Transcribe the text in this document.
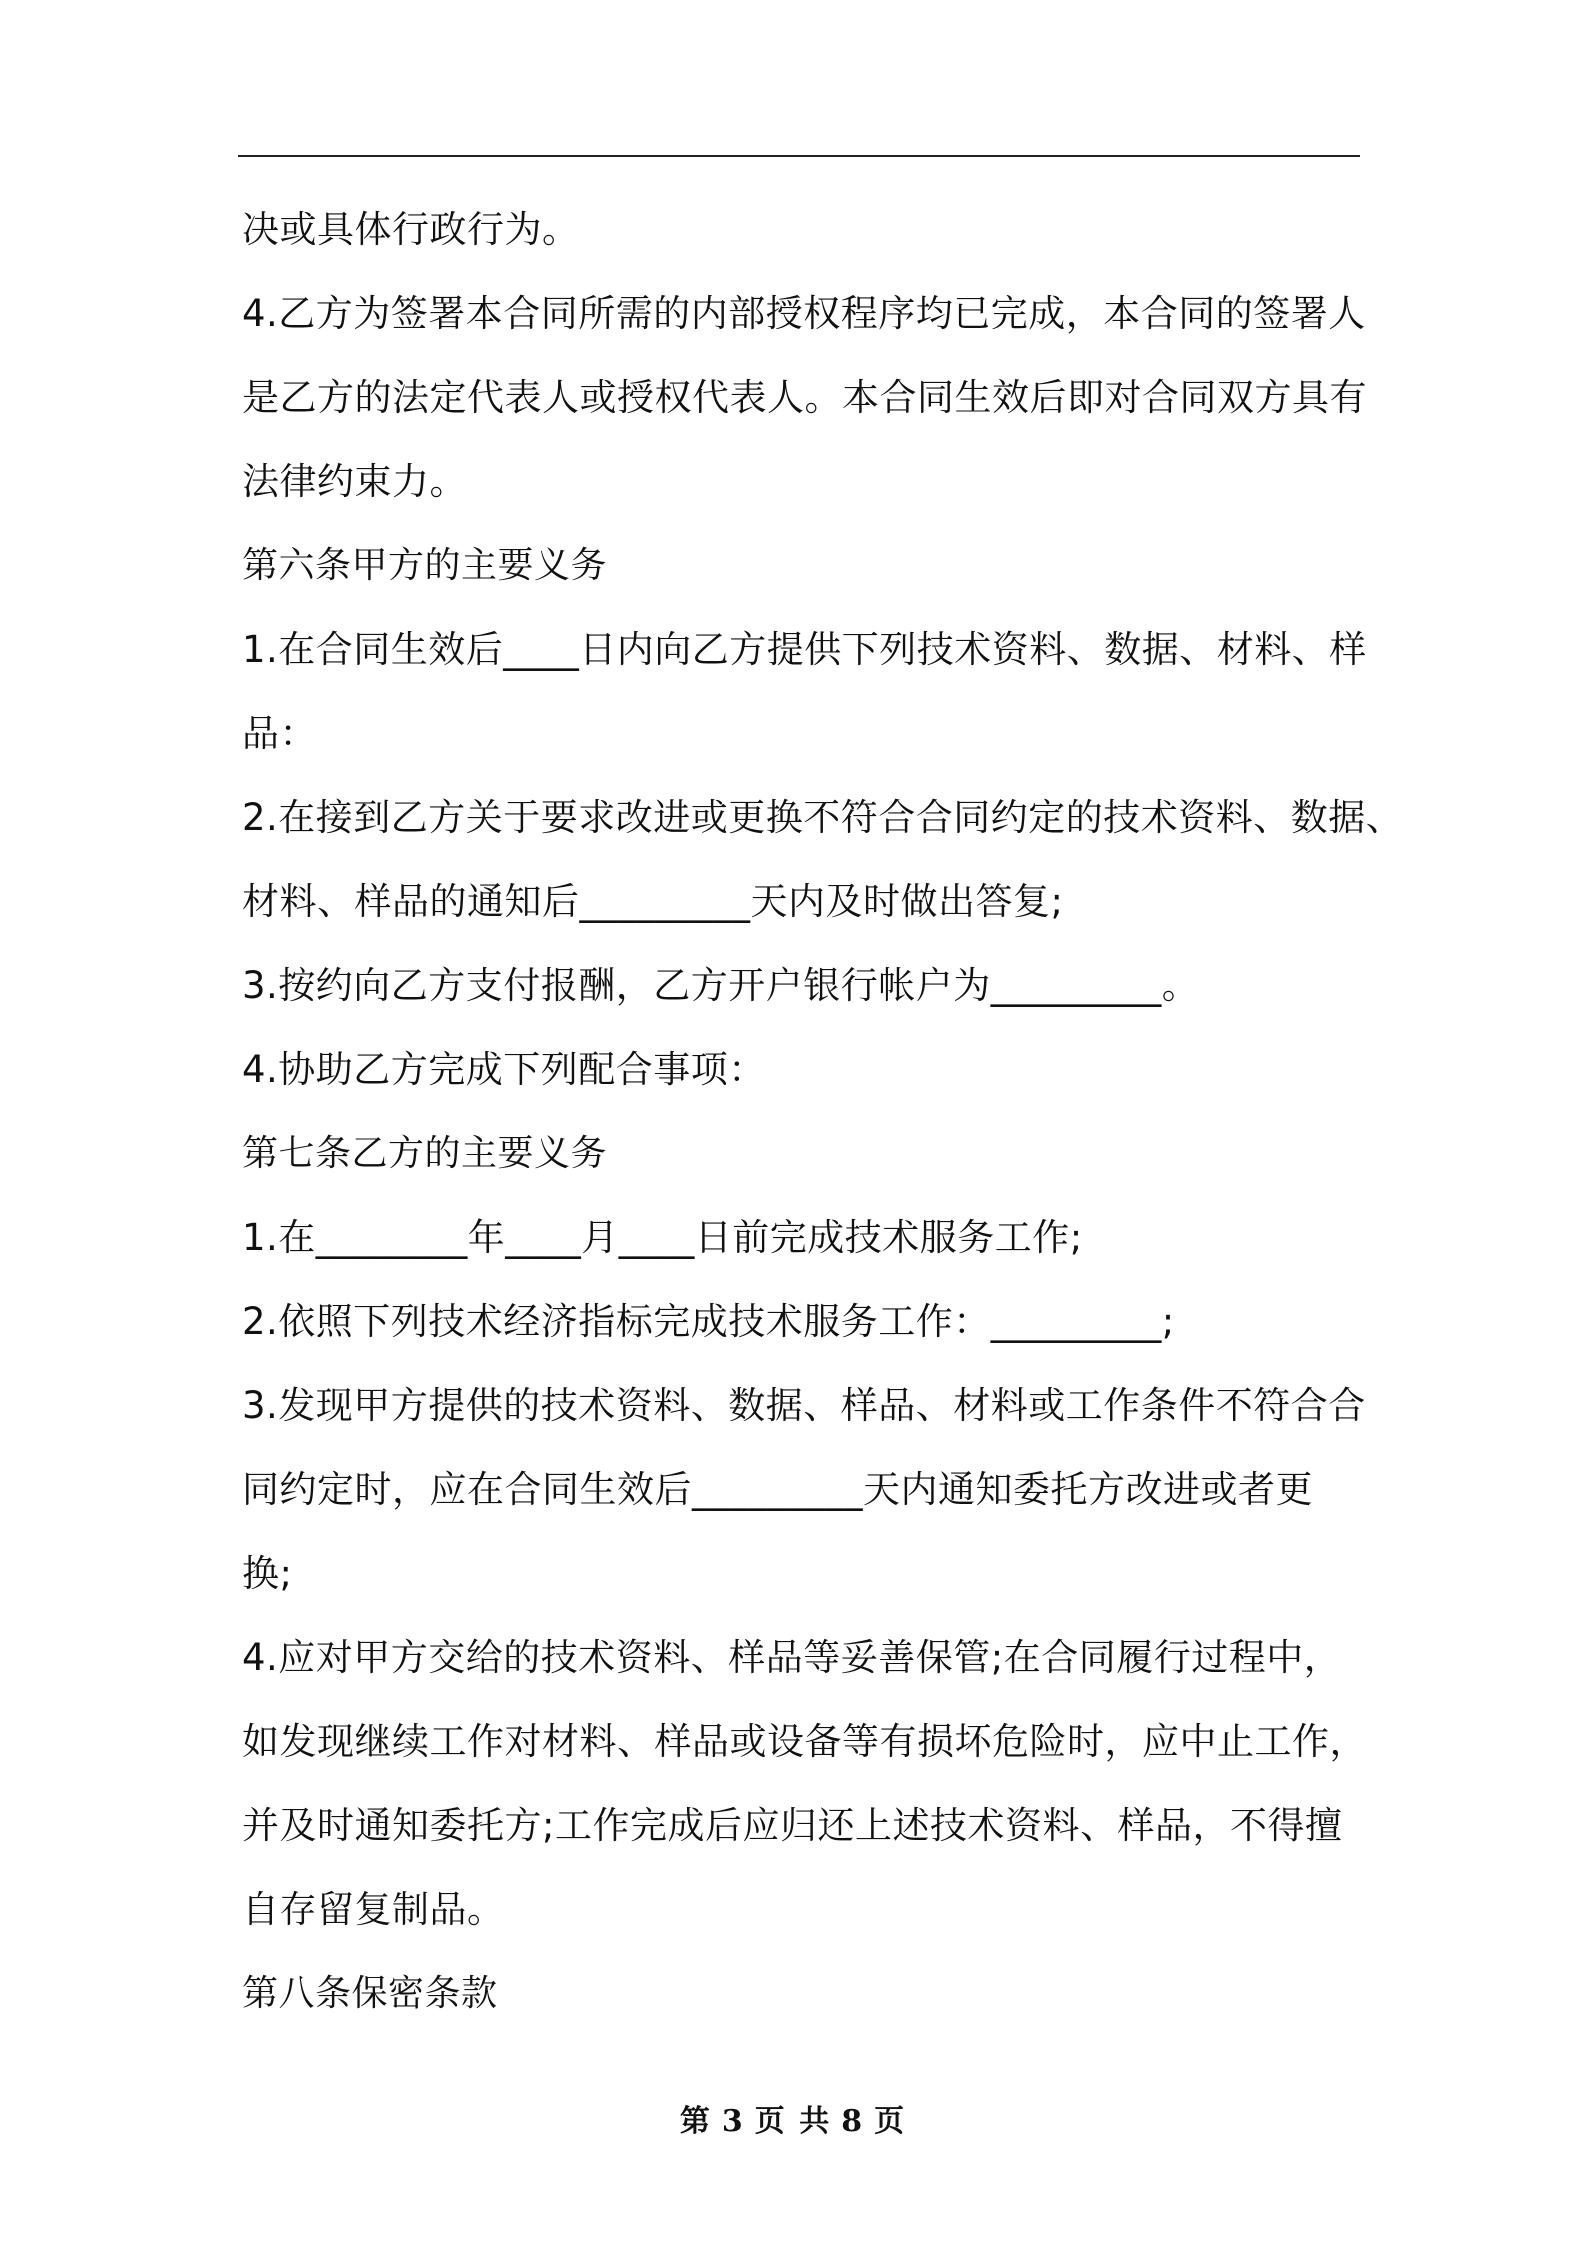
决或具体行政行为。
4.乙方为签署本合同所需的内部授权程序均已完成，本合同的签署人
是乙方的法定代表人或授权代表人。本合同生效后即对合同双方具有
法律约束力。
第六条甲方的主要义务
1.在合同生效后____日内向乙方提供下列技术资料、数据、材料、样
品：
2.在接到乙方关于要求改进或更换不符合合同约定的技术资料、数据、
材料、样品的通知后_________天内及时做出答复;
3.按约向乙方支付报酬，乙方开户银行帐户为_________。
4.协助乙方完成下列配合事项：
第七条乙方的主要义务
1.在________年____月____日前完成技术服务工作;
2.依照下列技术经济指标完成技术服务工作：_________;
3.发现甲方提供的技术资料、数据、样品、材料或工作条件不符合合
同约定时，应在合同生效后_________天内通知委托方改进或者更
换;
4.应对甲方交给的技术资料、样品等妥善保管;在合同履行过程中，
如发现继续工作对材料、样品或设备等有损坏危险时，应中止工作，
并及时通知委托方;工作完成后应归还上述技术资料、样品，不得擅
自存留复制品。
第八条保密条款
第 3 页 共 8 页
